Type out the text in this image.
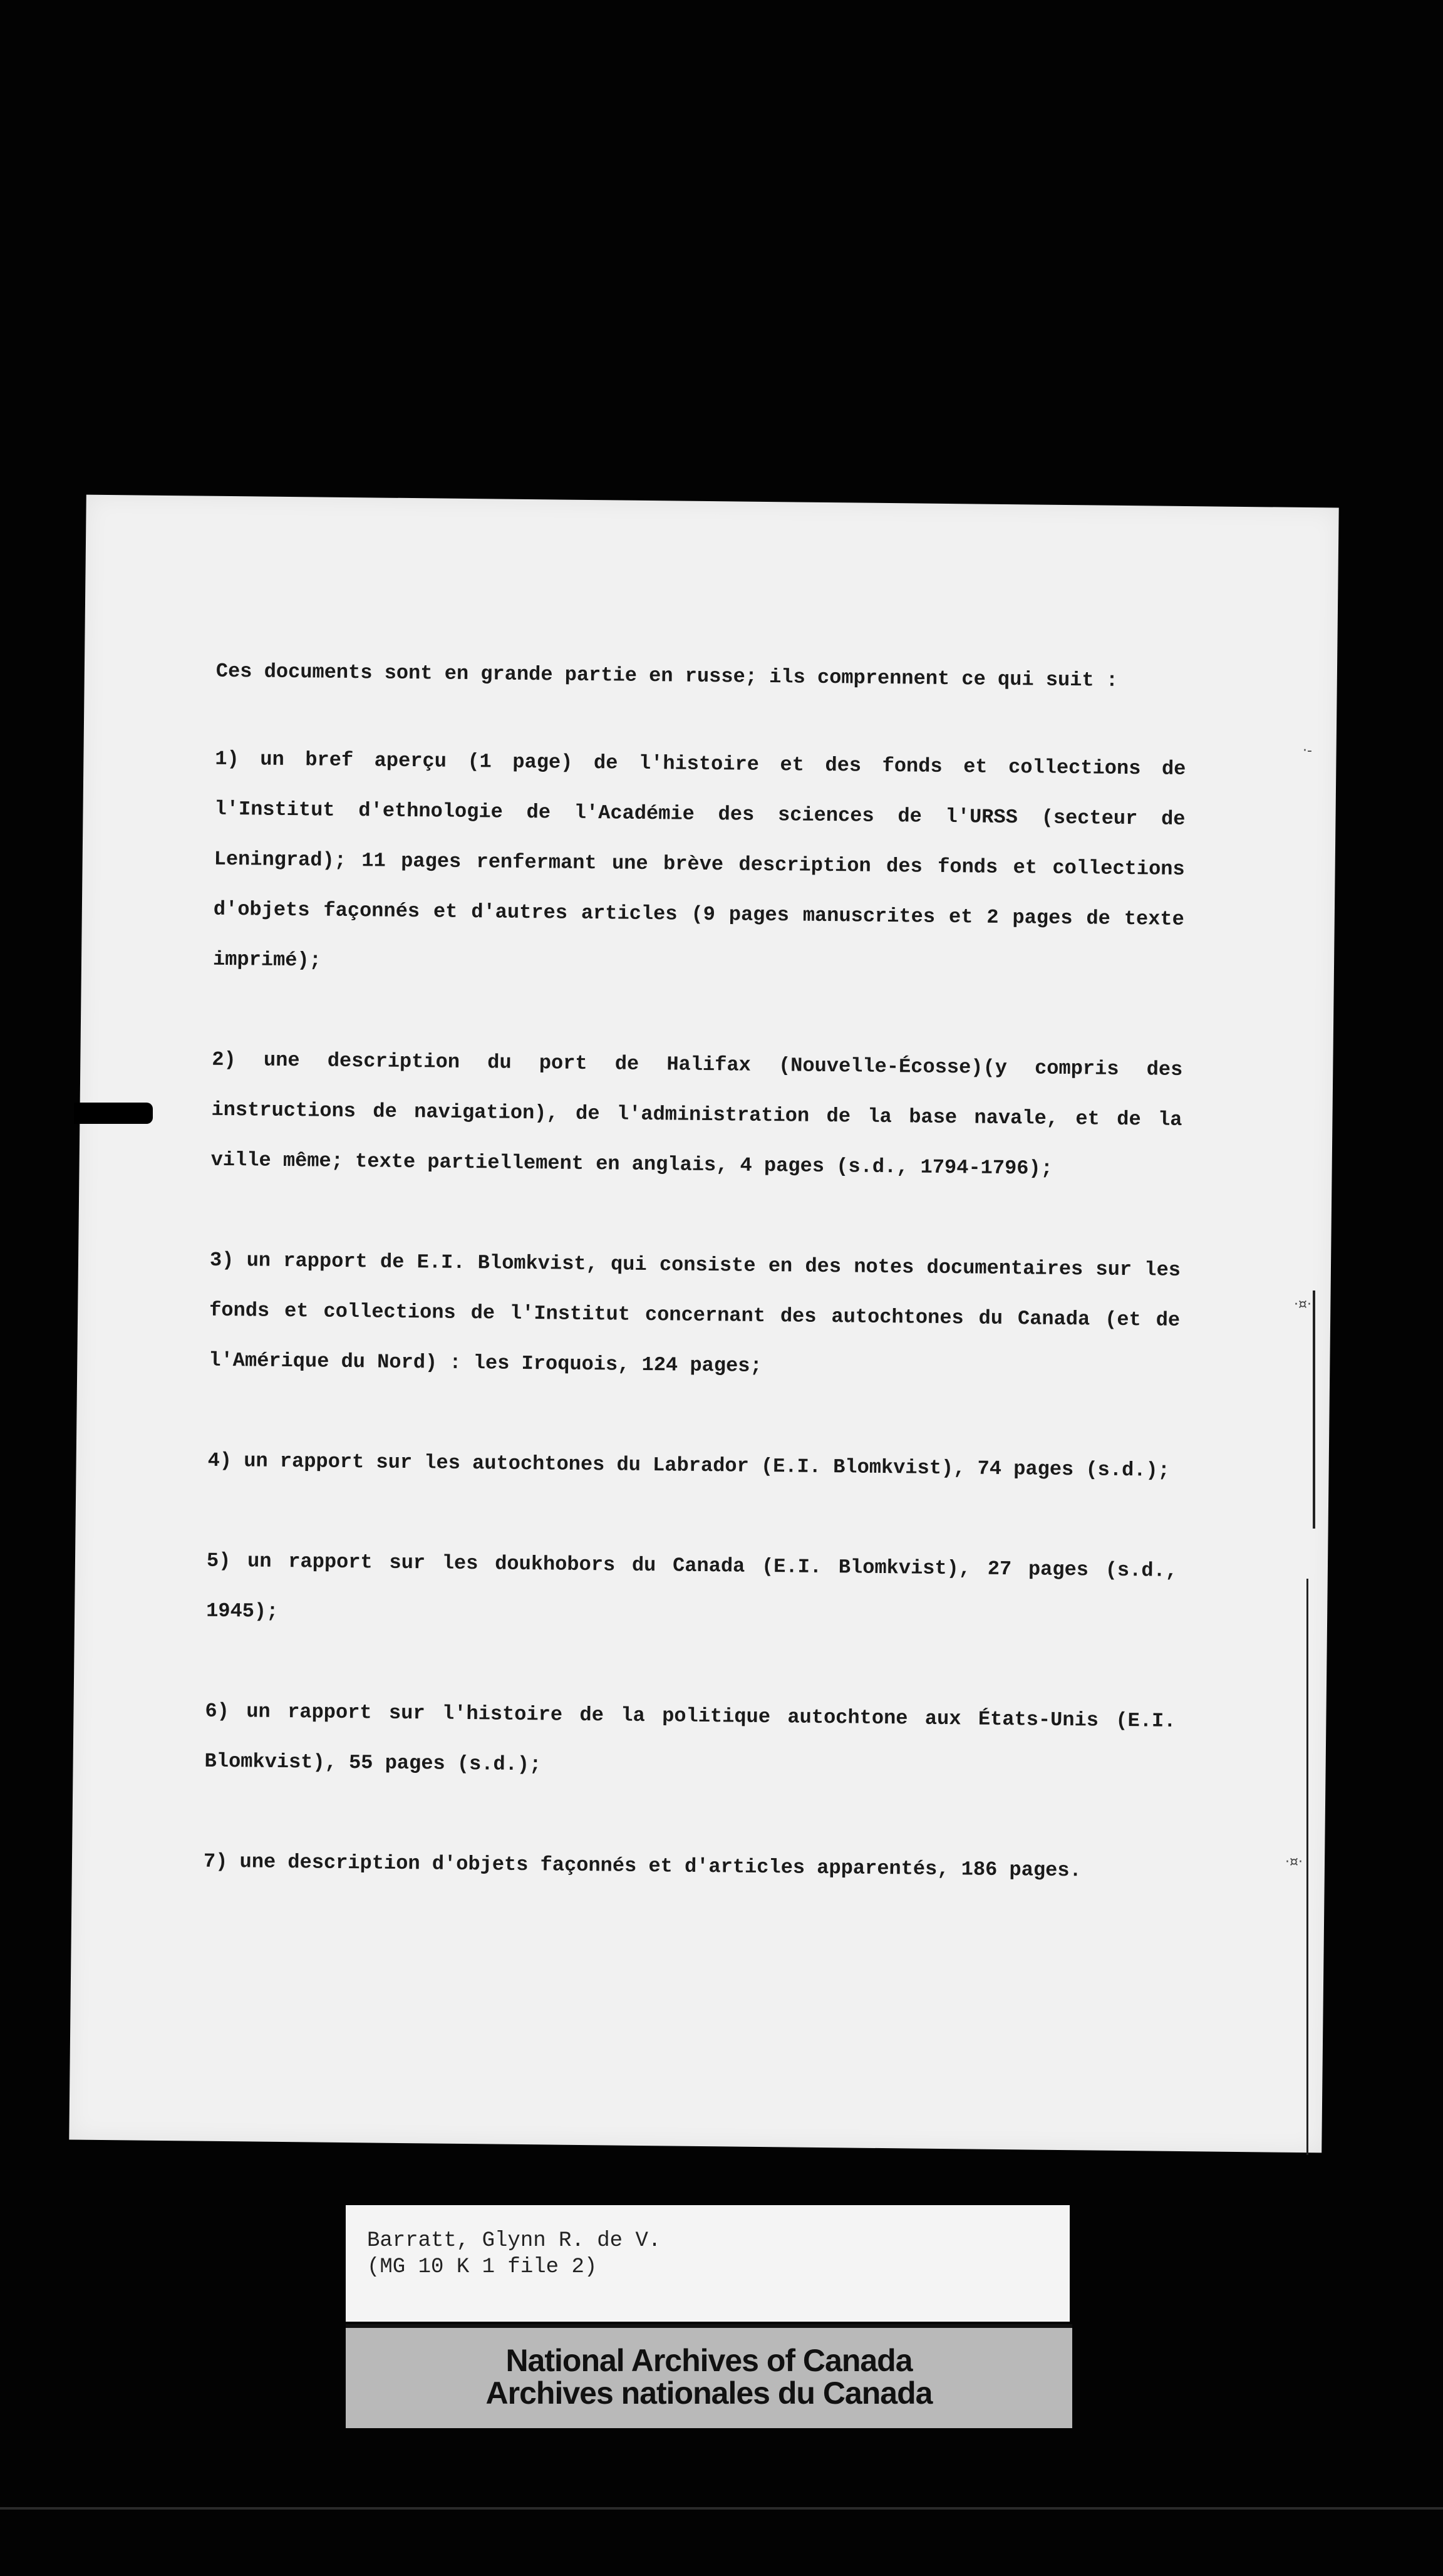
Ces documents sont en grande partie en russe; ils comprennent ce qui suit :

1) un bref aperçu (1 page) de l'histoire et des fonds et collections de l'Institut d'ethnologie de l'Académie des sciences de l'URSS (secteur de Leningrad); 11 pages renfermant une brève description des fonds et collections d'objets façonnés et d'autres articles (9 pages manuscrites et 2 pages de texte imprimé);

2) une description du port de Halifax (Nouvelle-Écosse)(y compris des instructions de navigation), de l'administration de la base navale, et de la ville même; texte partiellement en anglais, 4 pages (s.d., 1794-1796);

3) un rapport de E.I. Blomkvist, qui consiste en des notes documentaires sur les fonds et collections de l'Institut concernant des autochtones du Canada (et de l'Amérique du Nord) : les Iroquois, 124 pages;

4) un rapport sur les autochtones du Labrador (E.I. Blomkvist), 74 pages (s.d.);

5) un rapport sur les doukhobors du Canada (E.I. Blomkvist), 27 pages (s.d., 1945);

6) un rapport sur l'histoire de la politique autochtone aux États-Unis (E.I. Blomkvist), 55 pages (s.d.);

7) une description d'objets façonnés et d'articles apparentés, 186 pages.

·-
·¤·
·¤·
Barratt, Glynn R. de V.
(MG 10 K 1 file 2)
National Archives of Canada
Archives nationales du Canada
